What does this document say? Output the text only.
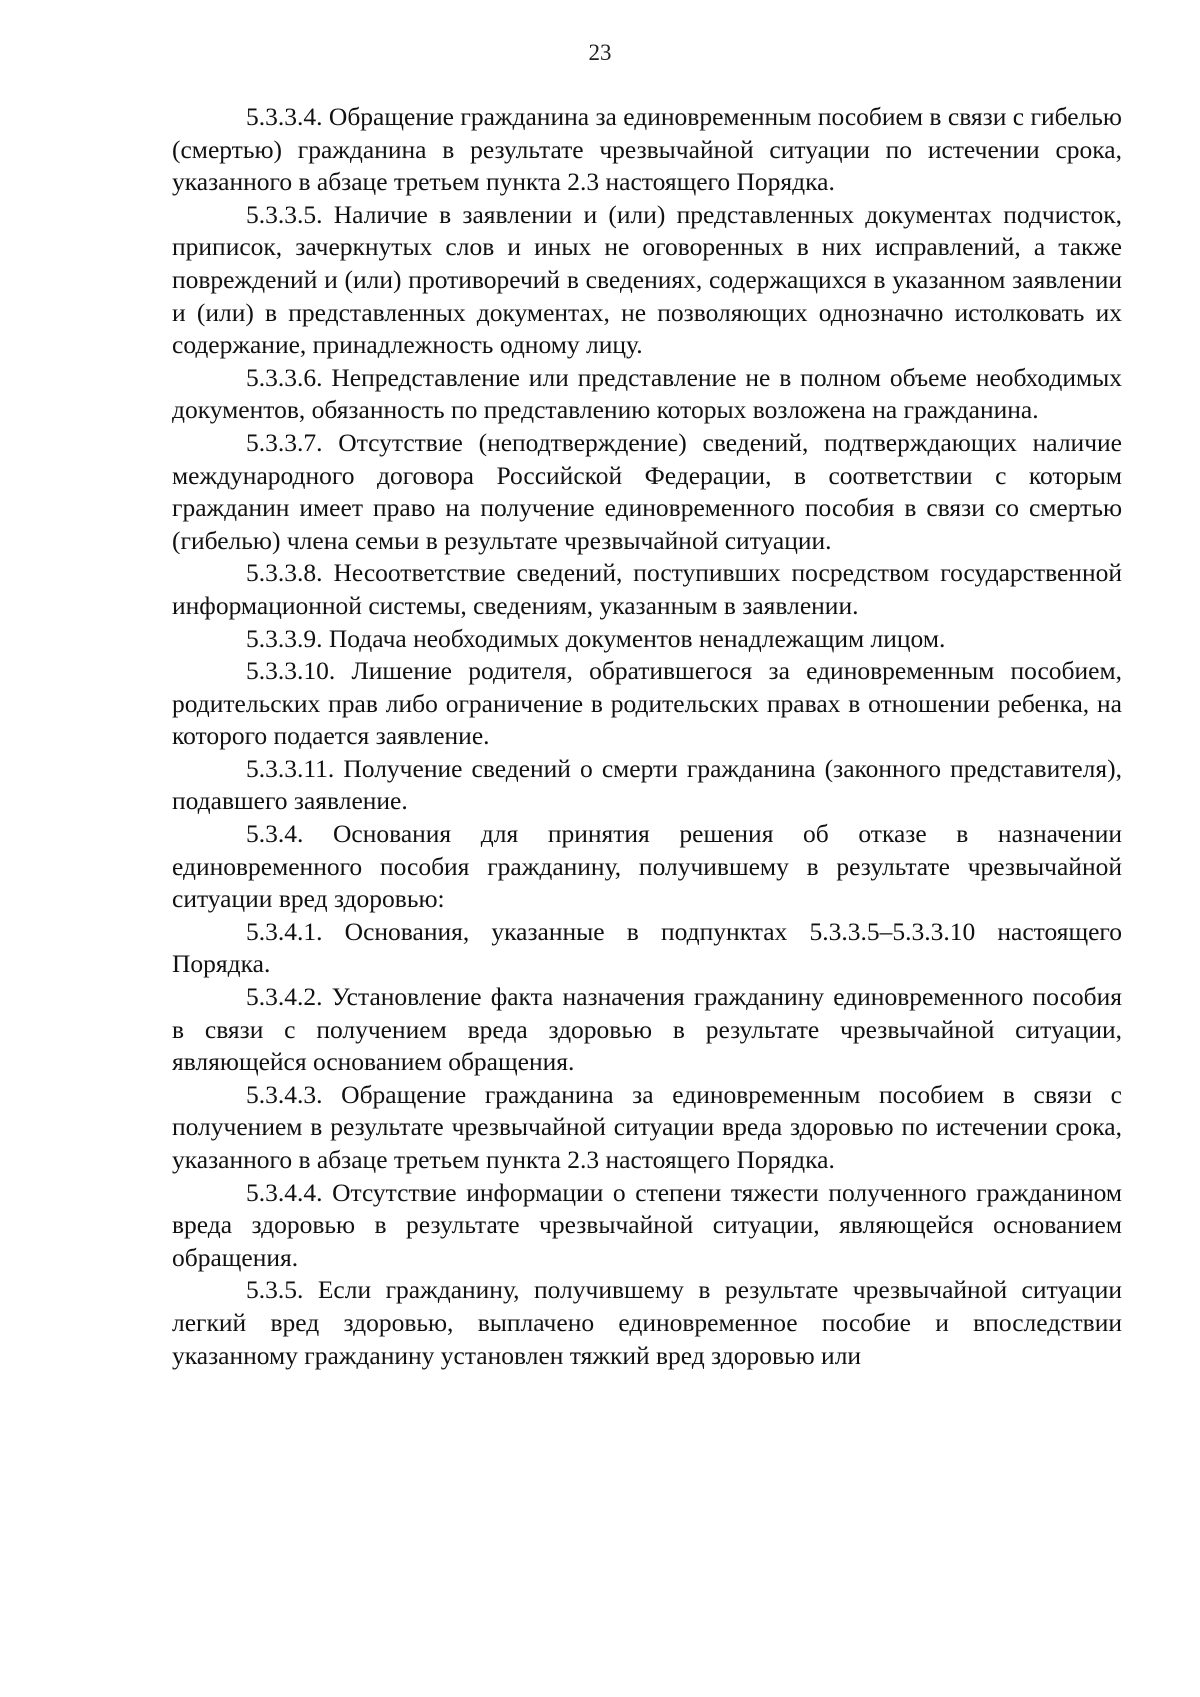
23

5.3.3.4. Обращение гражданина за единовременным пособием в связи с гибелью (смертью) гражданина в результате чрезвычайной ситуации по истечении срока, указанного в абзаце третьем пункта 2.3 настоящего Порядка.

5.3.3.5. Наличие в заявлении и (или) представленных документах подчисток, приписок, зачеркнутых слов и иных не оговоренных в них исправлений, а также повреждений и (или) противоречий в сведениях, содержащихся в указанном заявлении и (или) в представленных документах, не позволяющих однозначно истолковать их содержание, принадлежность одному лицу.

5.3.3.6. Непредставление или представление не в полном объеме необходимых документов, обязанность по представлению которых возложена на гражданина.

5.3.3.7. Отсутствие (неподтверждение) сведений, подтверждающих наличие международного договора Российской Федерации, в соответствии с которым гражданин имеет право на получение единовременного пособия в связи со смертью (гибелью) члена семьи в результате чрезвычайной ситуации.

5.3.3.8. Несоответствие сведений, поступивших посредством государственной информационной системы, сведениям, указанным в заявлении.

5.3.3.9. Подача необходимых документов ненадлежащим лицом.

5.3.3.10. Лишение родителя, обратившегося за единовременным пособием, родительских прав либо ограничение в родительских правах в отношении ребенка, на которого подается заявление.

5.3.3.11. Получение сведений о смерти гражданина (законного представителя), подавшего заявление.

5.3.4. Основания для принятия решения об отказе в назначении единовременного пособия гражданину, получившему в результате чрезвычайной ситуации вред здоровью:

5.3.4.1. Основания, указанные в подпунктах 5.3.3.5–5.3.3.10 настоящего Порядка.

5.3.4.2. Установление факта назначения гражданину единовременного пособия в связи с получением вреда здоровью в результате чрезвычайной ситуации, являющейся основанием обращения.

5.3.4.3. Обращение гражданина за единовременным пособием в связи с получением в результате чрезвычайной ситуации вреда здоровью по истечении срока, указанного в абзаце третьем пункта 2.3 настоящего Порядка.

5.3.4.4. Отсутствие информации о степени тяжести полученного гражданином вреда здоровью в результате чрезвычайной ситуации, являющейся основанием обращения.

5.3.5. Если гражданину, получившему в результате чрезвычайной ситуации легкий вред здоровью, выплачено единовременное пособие и впоследствии указанному гражданину установлен тяжкий вред здоровью или
